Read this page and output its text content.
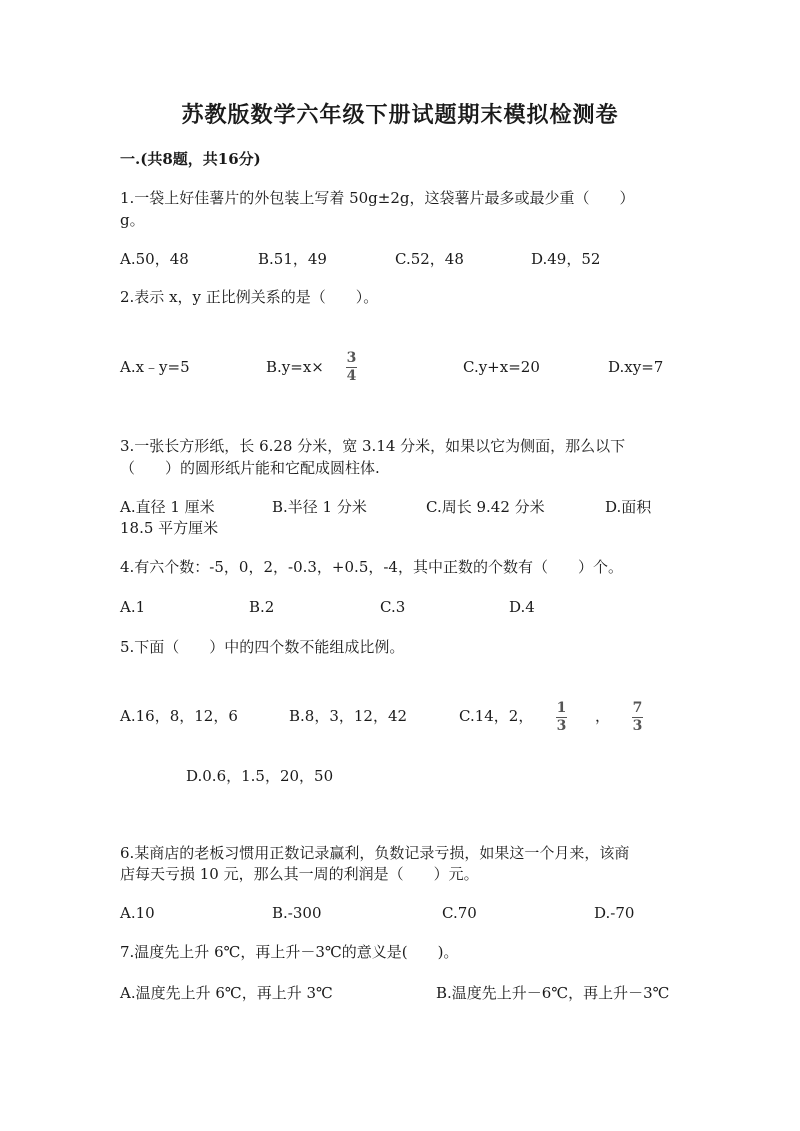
苏教版数学六年级下册试题期末模拟检测卷
一.(共8题，共16分)
1.一袋上好佳薯片的外包装上写着 50g±2g，这袋薯片最多或最少重（　　）
g。
A.50，48	B.51，49	C.52，48	D.49，52
2.表示 x，y 正比例关系的是（　　）。
A.x﹣y=5	B.y=x× 3
4	C.y+x=20	D.xy=7
3.一张长方形纸，长 6.28 分米，宽 3.14 分米，如果以它为侧面，那么以下
（　　）的圆形纸片能和它配成圆柱体.
A.直径 1 厘米	B.半径 1 分米	C.周长 9.42 分米	D.面积
18.5 平方厘米
4.有六个数：-5，0，2，-0.3，+0.5，-4，其中正数的个数有（　　）个。
A.1	B.2	C.3	D.4
5.下面（　　）中的四个数不能组成比例。
A.16，8，12，6	B.8，3，12，42	C.14，2， 1
3
， 7
3
D.0.6，1.5，20，50
6.某商店的老板习惯用正数记录赢利，负数记录亏损，如果这一个月来，该商
店每天亏损 10 元，那么其一周的利润是（　　）元。
A.10	B.-300	C.70	D.-70
7.温度先上升 6℃，再上升－3℃的意义是(　　)。
A.温度先上升 6℃，再上升 3℃	B.温度先上升－6℃，再上升－3℃
